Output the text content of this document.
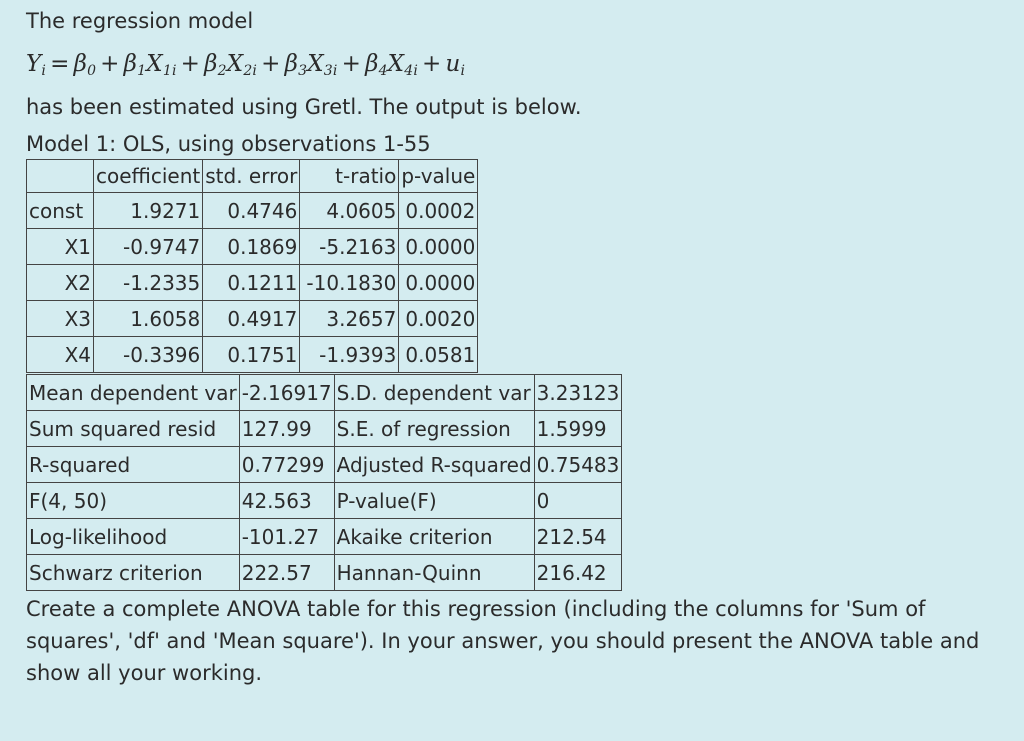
The regression model
$Y_i = \beta_0 + \beta_1X_{1i} + \beta_2X_{2i} + \beta_3X_{3i} + \beta_4X_{4i} + u_i$
has been estimated using Gretl. The output is below.
Model 1: OLS, using observations 1-55
	coefficient	std. error	t-ratio	p-value
const	1.9271	0.4746	4.0605	0.0002
X1	-0.9747	0.1869	-5.2163	0.0000
X2	-1.2335	0.1211	-10.1830	0.0000
X3	1.6058	0.4917	3.2657	0.0020
X4	-0.3396	0.1751	-1.9393	0.0581
Mean dependent var	-2.16917	S.D. dependent var	3.23123
Sum squared resid	127.99	S.E. of regression	1.5999
R-squared	0.77299	Adjusted R-squared	0.75483
F(4, 50)	42.563	P-value(F)	0
Log-likelihood	-101.27	Akaike criterion	212.54
Schwarz criterion	222.57	Hannan-Quinn	216.42
Create a complete ANOVA table for this regression (including the columns for 'Sum of squares', 'df' and 'Mean square'). In your answer, you should present the ANOVA table and show all your working.
